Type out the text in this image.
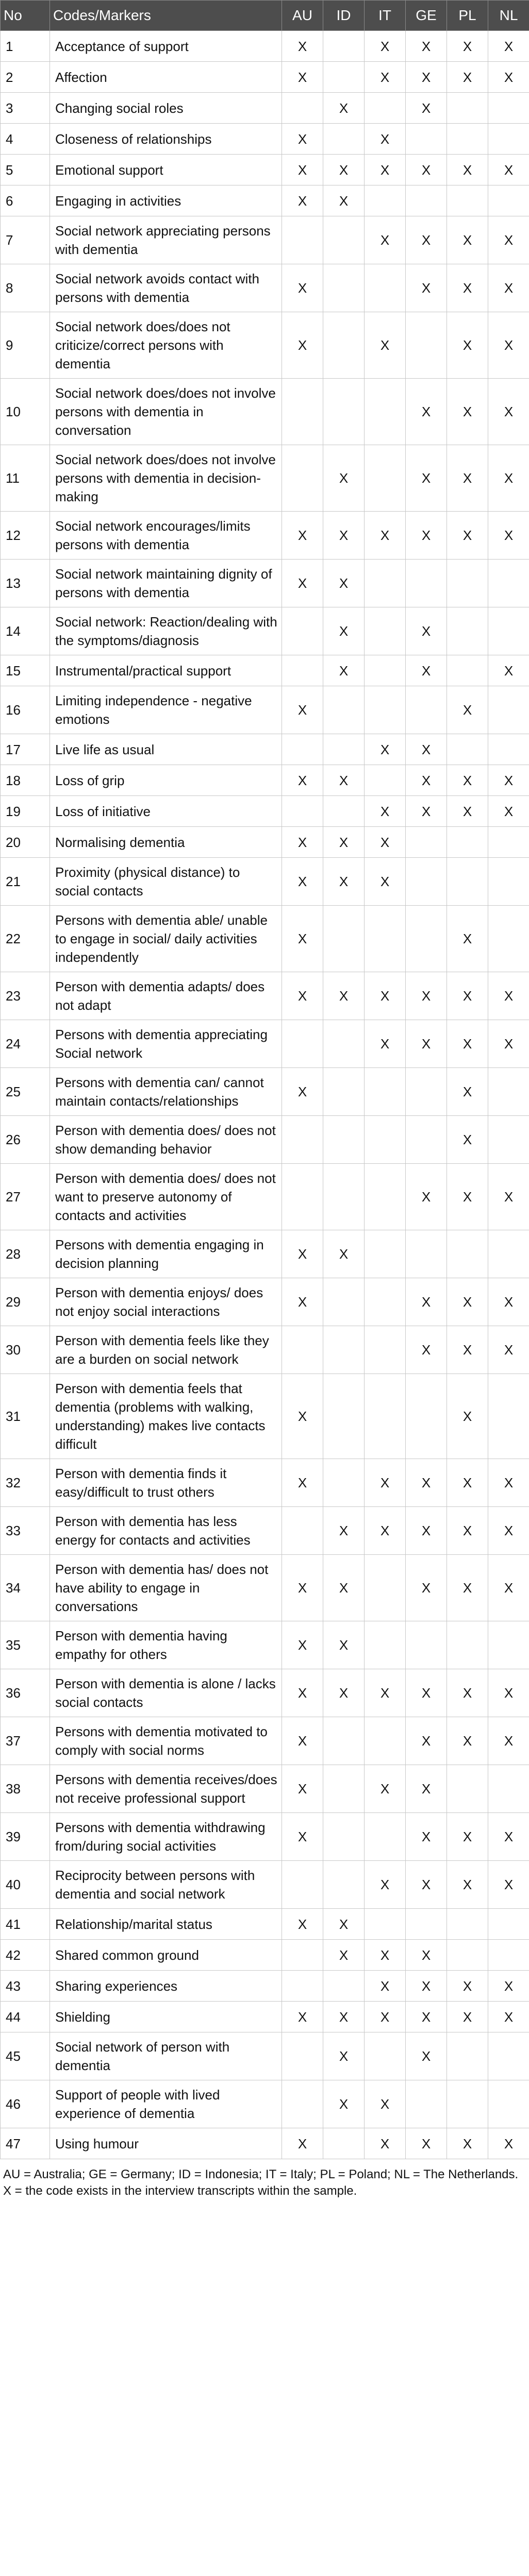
No	Codes/Markers	AU	ID	IT	GE	PL	NL
1	Acceptance of support	X		X	X	X	X
2	Affection	X		X	X	X	X
3	Changing social roles		X		X		
4	Closeness of relationships	X		X			
5	Emotional support	X	X	X	X	X	X
6	Engaging in activities	X	X				
7	Social network appreciating persons with dementia			X	X	X	X
8	Social network avoids contact with persons with dementia	X			X	X	X
9	Social network does/does not criticize/correct persons with dementia	X		X		X	X
10	Social network does/does not involve persons with dementia in conversation				X	X	X
11	Social network does/does not involve persons with dementia in decision-making		X		X	X	X
12	Social network encourages/limits persons with dementia	X	X	X	X	X	X
13	Social network maintaining dignity of persons with dementia	X	X				
14	Social network: Reaction/dealing with the symptoms/diagnosis		X		X		
15	Instrumental/practical support		X		X		X
16	Limiting independence - negative emotions	X				X	
17	Live life as usual			X	X		
18	Loss of grip	X	X		X	X	X
19	Loss of initiative			X	X	X	X
20	Normalising dementia	X	X	X			
21	Proximity (physical distance) to social contacts	X	X	X			
22	Persons with dementia able/ unable to engage in social/ daily activities independently	X				X	
23	Person with dementia adapts/ does not adapt	X	X	X	X	X	X
24	Persons with dementia appreciating Social network			X	X	X	X
25	Persons with dementia can/ cannot maintain contacts/relationships	X				X	
26	Person with dementia does/ does not show demanding behavior					X	
27	Person with dementia does/ does not want to preserve autonomy of contacts and activities				X	X	X
28	Persons with dementia engaging in decision planning	X	X				
29	Person with dementia enjoys/ does not enjoy social interactions	X			X	X	X
30	Person with dementia feels like they are a burden on social network				X	X	X
31	Person with dementia feels that dementia (problems with walking, understanding) makes live contacts difficult	X				X	
32	Person with dementia finds it easy/difficult to trust others	X		X	X	X	X
33	Person with dementia has less energy for contacts and activities		X	X	X	X	X
34	Person with dementia has/ does not have ability to engage in conversations	X	X		X	X	X
35	Person with dementia having empathy for others	X	X				
36	Person with dementia is alone / lacks social contacts	X	X	X	X	X	X
37	Persons with dementia motivated to comply with social norms	X			X	X	X
38	Persons with dementia receives/does not receive professional support	X		X	X		
39	Persons with dementia withdrawing from/during social activities	X			X	X	X
40	Reciprocity between persons with dementia and social network			X	X	X	X
41	Relationship/marital status	X	X				
42	Shared common ground		X	X	X		
43	Sharing experiences			X	X	X	X
44	Shielding	X	X	X	X	X	X
45	Social network of person with dementia		X		X		
46	Support of people with lived experience of dementia		X	X			
47	Using humour	X		X	X	X	X

AU = Australia; GE = Germany; ID = Indonesia; IT = Italy; PL = Poland; NL = The Netherlands.

X = the code exists in the interview transcripts within the sample.
